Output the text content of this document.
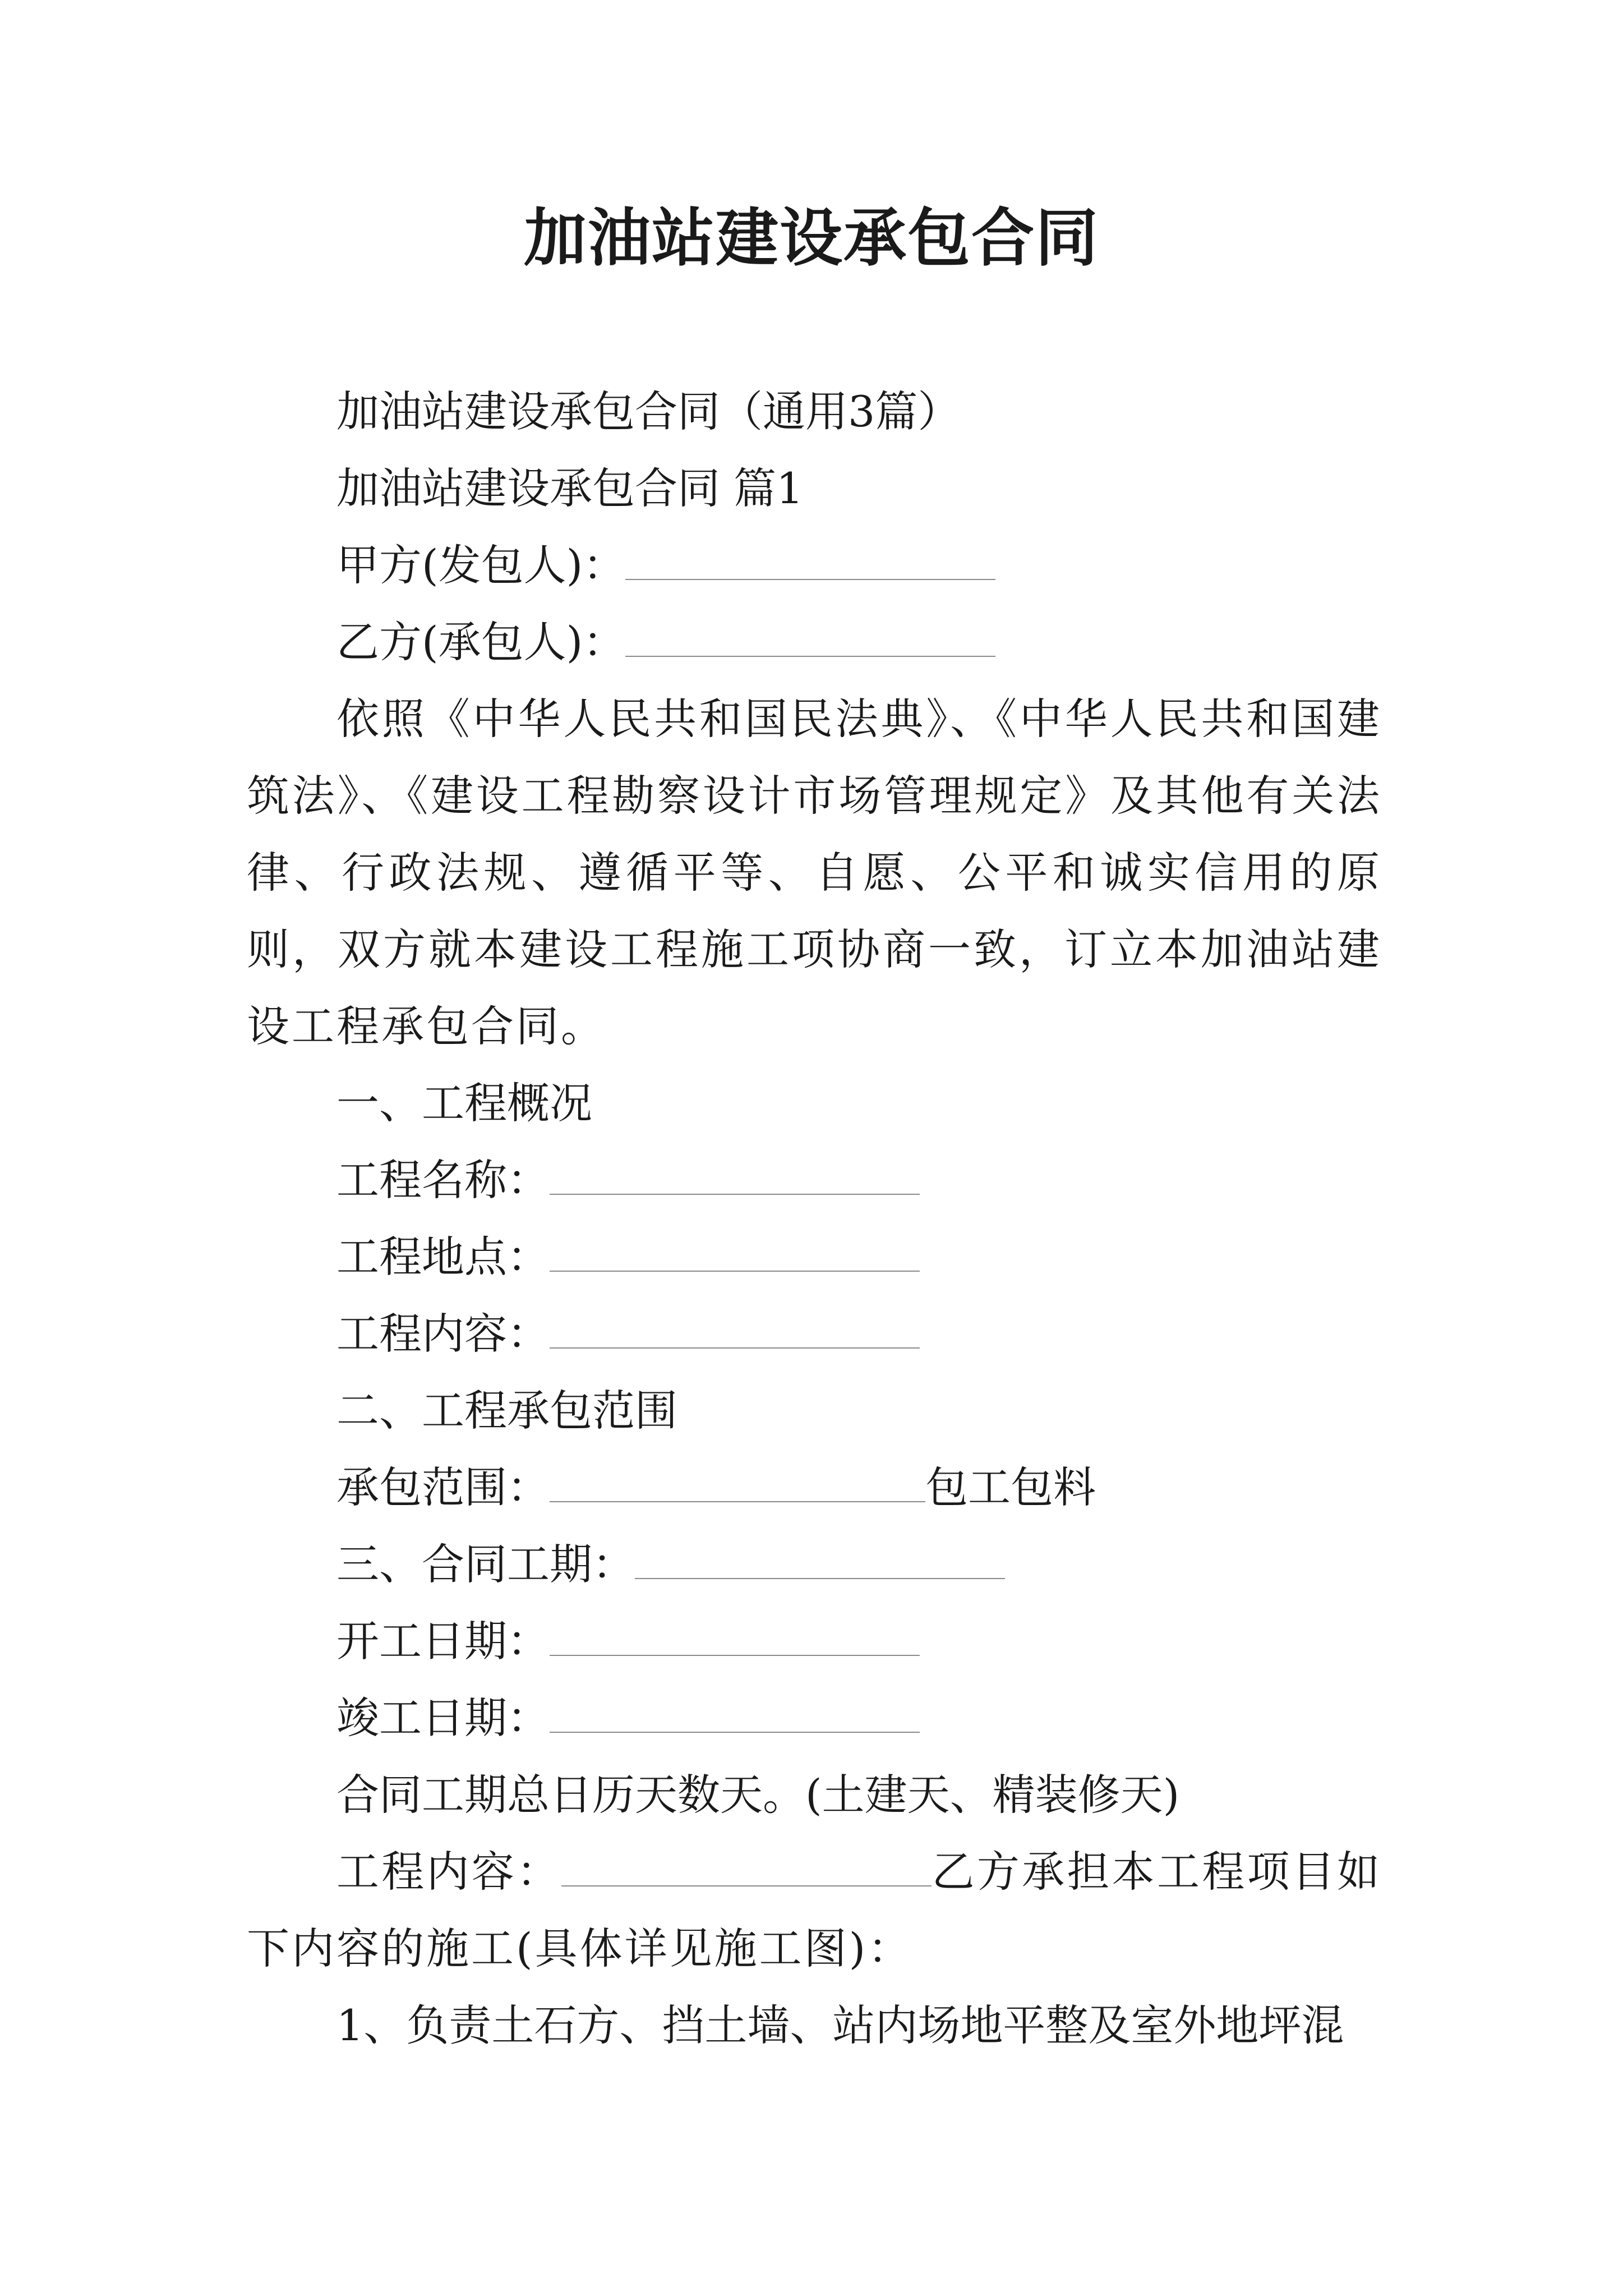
加油站建设承包合同

加油站建设承包合同（通用3篇）

加油站建设承包合同 篇1

甲方(发包人)：

乙方(承包人)：

依照《中华人民共和国民法典》、《中华人民共和国建筑法》、《建设工程勘察设计市场管理规定》及其他有关法律、行政法规、遵循平等、自愿、公平和诚实信用的原则，双方就本建设工程施工项协商一致，订立本加油站建设工程承包合同。

一、工程概况

工程名称：

工程地点：

工程内容：

二、工程承包范围

承包范围：	包工包料

三、合同工期：

开工日期：

竣工日期：

合同工期总日历天数天。(土建天、精装修天)

工程内容：	乙方承担本工程项目如下内容的施工(具体详见施工图)：

1、负责土石方、挡土墙、站内场地平整及室外地坪混
